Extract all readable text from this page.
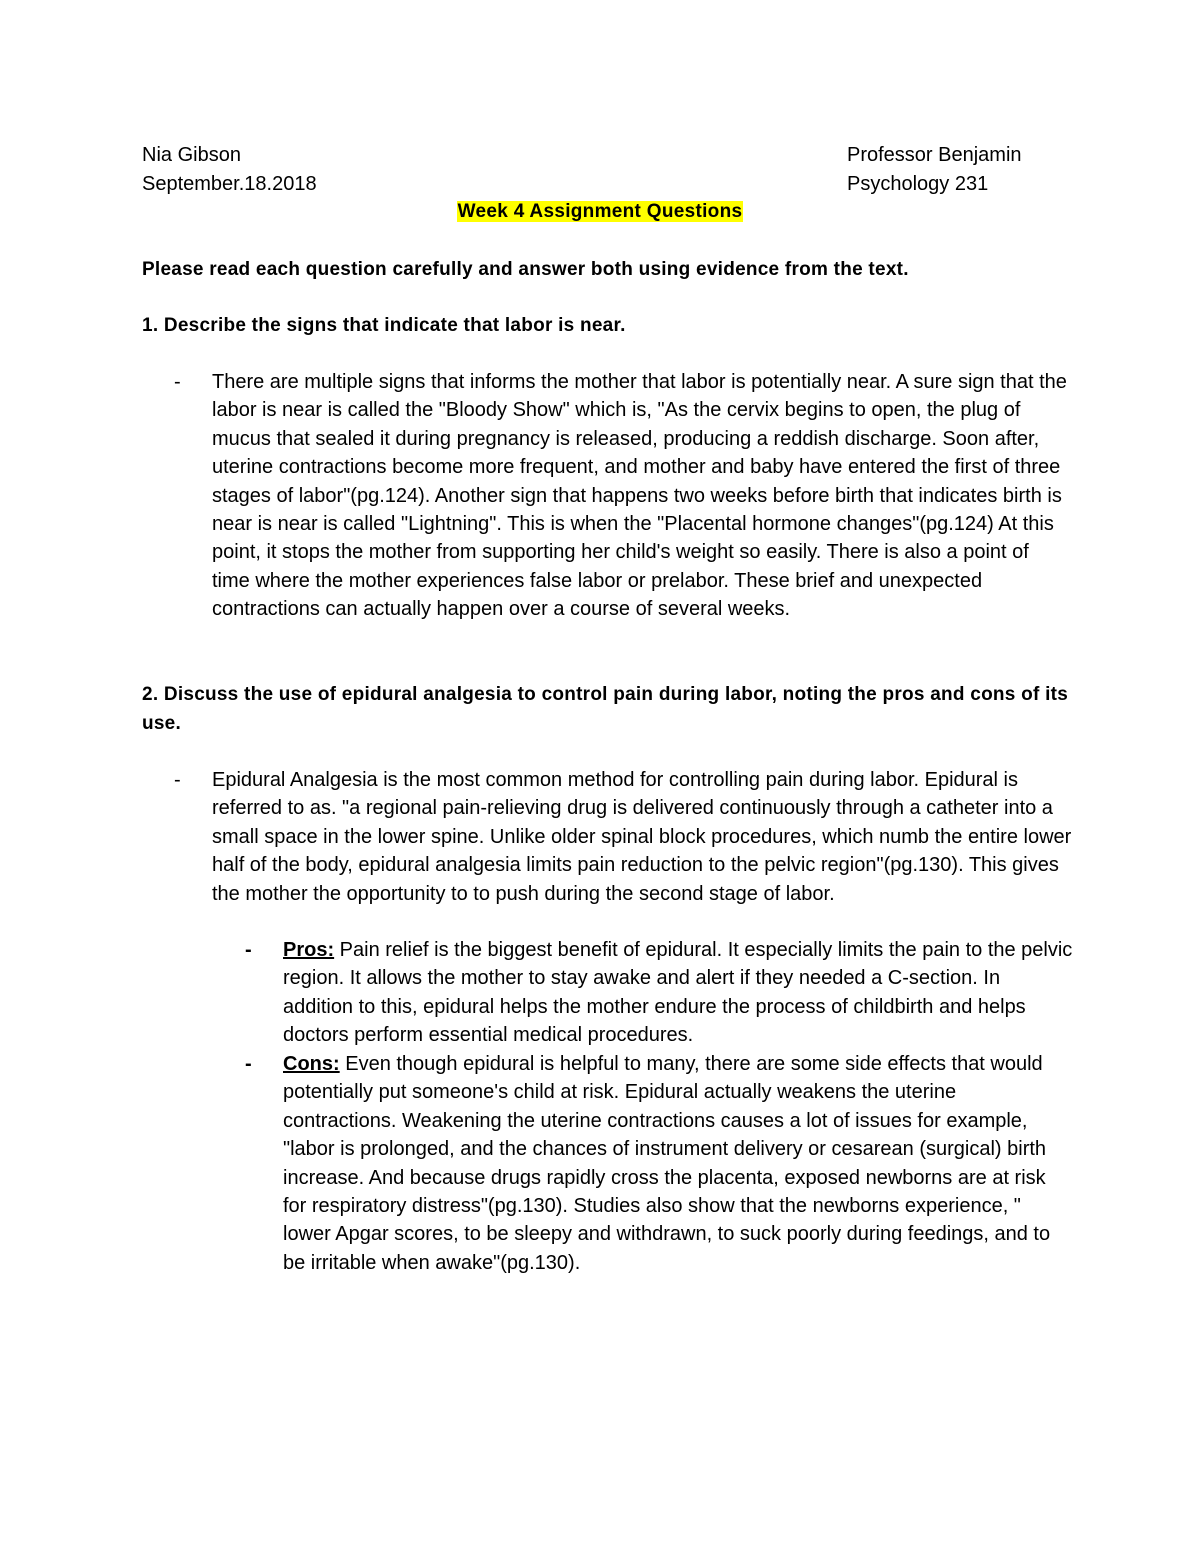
Nia Gibson
September.18.2018
Professor Benjamin
Psychology 231
Week 4 Assignment Questions
Please read each question carefully and answer both using evidence from the text.
1. Describe the signs that indicate that labor is near.
- There are multiple signs that informs the mother that labor is potentially near. A sure sign that the labor is near is called the "Bloody Show" which is, "As the cervix begins to open, the plug of mucus that sealed it during pregnancy is released, producing a reddish discharge. Soon after, uterine contractions become more frequent, and mother and baby have entered the first of three stages of labor"(pg.124). Another sign that happens two weeks before birth that indicates birth is near is near is called "Lightning". This is when the "Placental hormone changes"(pg.124) At this point, it stops the mother from supporting her child's weight so easily. There is also a point of time where the mother experiences false labor or prelabor. These brief and unexpected contractions can actually happen over a course of several weeks.
2. Discuss the use of epidural analgesia to control pain during labor, noting the pros and cons of its use.
- Epidural Analgesia is the most common method for controlling pain during labor. Epidural is referred to as. "a regional pain-relieving drug is delivered continuously through a catheter into a small space in the lower spine. Unlike older spinal block procedures, which numb the entire lower half of the body, epidural analgesia limits pain reduction to the pelvic region"(pg.130). This gives the mother the opportunity to to push during the second stage of labor.
- Pros: Pain relief is the biggest benefit of epidural. It especially limits the pain to the pelvic region. It allows the mother to stay awake and alert if they needed a C-section. In addition to this, epidural helps the mother endure the process of childbirth and helps doctors perform essential medical procedures.
- Cons: Even though epidural is helpful to many, there are some side effects that would potentially put someone's child at risk. Epidural actually weakens the uterine contractions. Weakening the uterine contractions causes a lot of issues for example, "labor is prolonged, and the chances of instrument delivery or cesarean (surgical) birth increase. And because drugs rapidly cross the placenta, exposed newborns are at risk for respiratory distress"(pg.130). Studies also show that the newborns experience, " lower Apgar scores, to be sleepy and withdrawn, to suck poorly during feedings, and to be irritable when awake"(pg.130).
